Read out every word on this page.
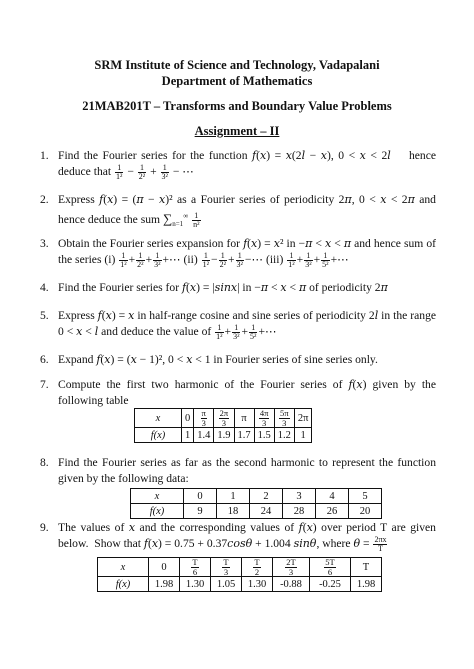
SRM Institute of Science and Technology, Vadapalani
Department of Mathematics
21MAB201T – Transforms and Boundary Value Problems
Assignment – II
1. Find the Fourier series for the function f(x) = x(2l − x), 0 < x < 2l    hence deduce that $\frac{1}{\text{1²}} - \frac{1}{\text{2²}} + \frac{1}{\text{3²}}$ − ⋯
2. Express f(x) = (π − x)² as a Fourier series of periodicity 2π, 0 < x < 2π and hence deduce the sum $\sum_{n=1}^\infty \frac{1}{\text{n²}}$
3. Obtain the Fourier series expansion for f(x) = x² in −π < x < π and hence sum of the series $(i) \frac{1}{\text{1²}} + \frac{1}{\text{2²}} + \frac{1}{\text{3²}}$ +⋯ $(ii) \frac{1}{\text{1²}} - \frac{1}{\text{2²}} + \frac{1}{\text{3²}}$ −⋯ $(iii) \frac{1}{\text{1²}} + \frac{1}{\text{3²}} + \frac{1}{\text{5²}}$ +⋯
4. Find the Fourier series for f(x) = |sinx| in −π < x < π of periodicity 2π
5. Express f(x) = x in half-range cosine and sine series of periodicity 2l in the range 0 < x < l and deduce the value of $\frac{1}{\text{1²}} + \frac{1}{\text{3²}} + \frac{1}{\text{5²}}$ +⋯
6. Expand f(x) = (x − 1)², 0 < x < 1 in Fourier series of sine series only.
7. Compute the first two harmonic of the Fourier series of f(x) given by the following table
x	0	$\frac{\pi}{3}$	$\frac{2\pi}{3}$	π	$\frac{4\pi}{3}$	$\frac{5\pi}{3}$	2π
f(x)	1	1.4	1.9	1.7	1.5	1.2	1
8. Find the Fourier series as far as the second harmonic to represent the function given by the following data:
x	0	1	2	3	4	5
f(x)	9	18	24	28	26	20
9. The values of x and the corresponding values of f(x) over period T are given below.  Show that f(x) = 0.75 + 0.37cosθ + 1.004 sinθ, where $\theta = \frac{2\pi x}{T}$
x	0	$\frac{T}{6}$	$\frac{T}{3}$	$\frac{T}{2}$	$\frac{2T}{3}$	$\frac{5T}{6}$	T
f(x)	1.98	1.30	1.05	1.30	-0.88	-0.25	1.98
